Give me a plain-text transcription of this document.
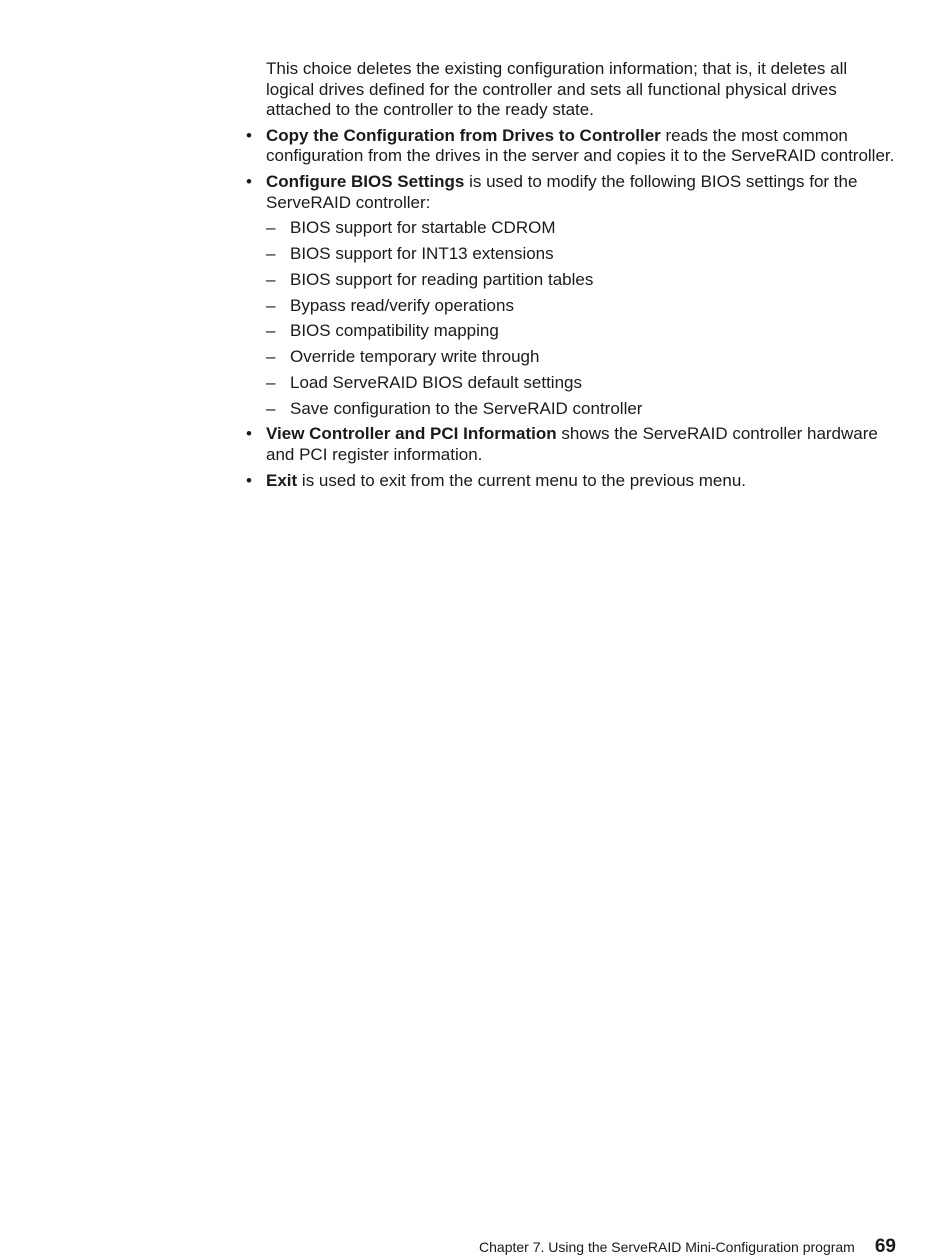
This choice deletes the existing configuration information; that is, it deletes all logical drives defined for the controller and sets all functional physical drives attached to the controller to the ready state.

• Copy the Configuration from Drives to Controller reads the most common configuration from the drives in the server and copies it to the ServeRAID controller.
• Configure BIOS Settings is used to modify the following BIOS settings for the ServeRAID controller:
– BIOS support for startable CDROM
– BIOS support for INT13 extensions
– BIOS support for reading partition tables
– Bypass read/verify operations
– BIOS compatibility mapping
– Override temporary write through
– Load ServeRAID BIOS default settings
– Save configuration to the ServeRAID controller
• View Controller and PCI Information shows the ServeRAID controller hardware and PCI register information.
• Exit is used to exit from the current menu to the previous menu.
Chapter 7. Using the ServeRAID Mini-Configuration program 69
